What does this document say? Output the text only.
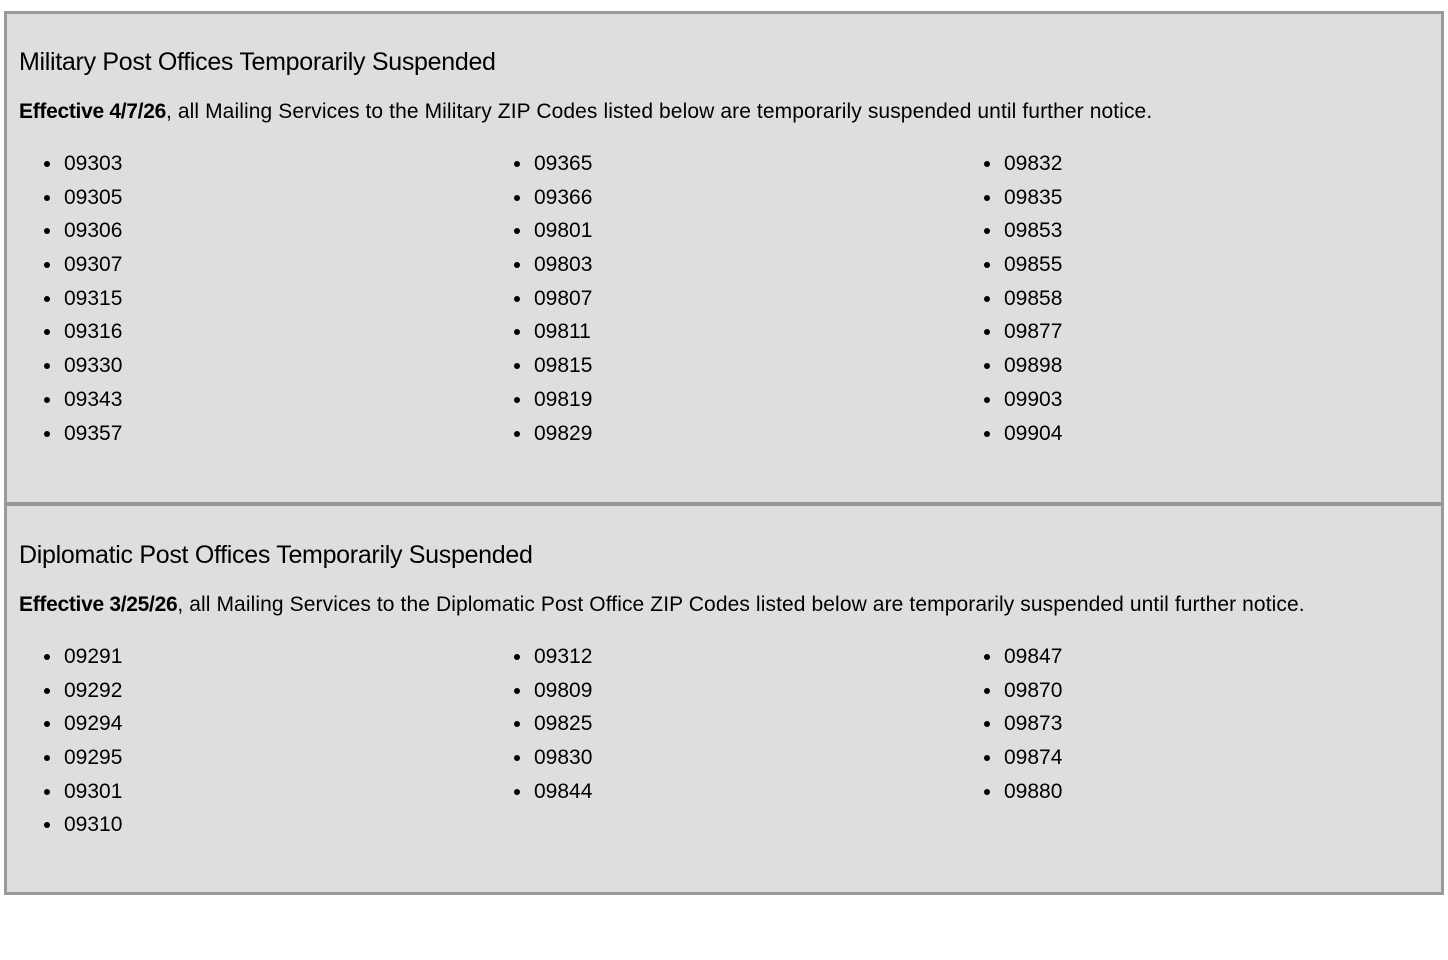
Military Post Offices Temporarily Suspended

Effective 4/7/26, all Mailing Services to the Military ZIP Codes listed below are temporarily suspended until further notice.

09303
09305
09306
09307
09315
09316
09330
09343
09357
09365
09366
09801
09803
09807
09811
09815
09819
09829
09832
09835
09853
09855
09858
09877
09898
09903
09904
Diplomatic Post Offices Temporarily Suspended

Effective 3/25/26, all Mailing Services to the Diplomatic Post Office ZIP Codes listed below are temporarily suspended until further notice.

09291
09292
09294
09295
09301
09310
09312
09809
09825
09830
09844
09847
09870
09873
09874
09880
